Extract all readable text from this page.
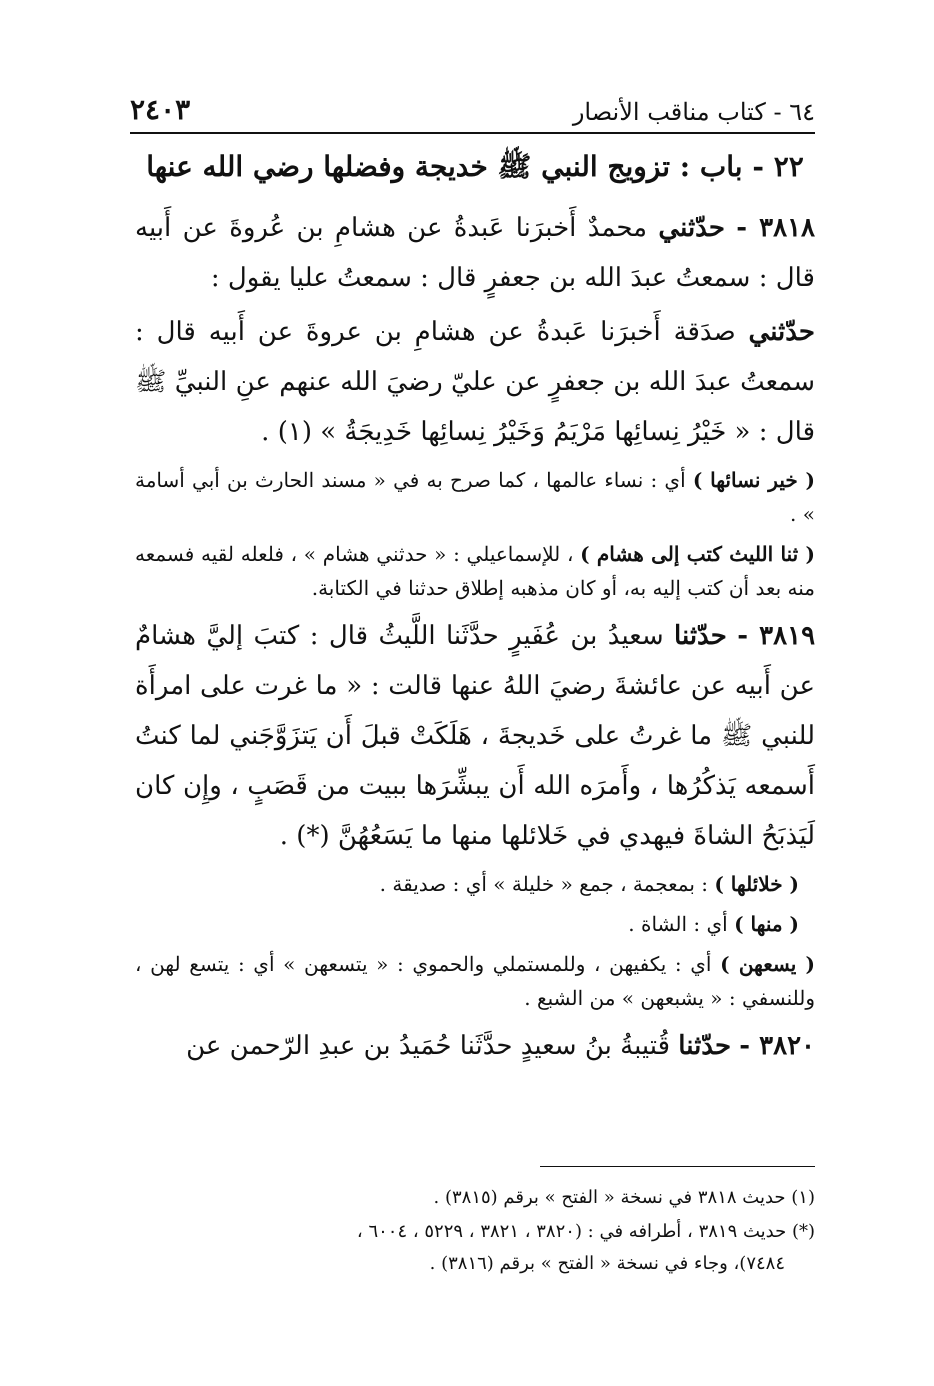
٦٤ - كتاب مناقب الأنصار
٢٤٠٣
٢٢ - باب : تزويج النبي ﷺ خديجة وفضلها رضي الله عنها

٣٨١٨ - حدّثني محمدٌ أَخبرَنا عَبدةُ عن هشامِ بن عُروةَ عن أَبيه قال : سمعتُ عبدَ الله بن جعفرٍ قال : سمعتُ عليا يقول :

حدّثني صدَقة أَخبرَنا عَبدةُ عن هشامِ بن عروةَ عن أَبيه قال : سمعتُ عبدَ الله بن جعفرٍ عن عليّ رضيَ الله عنهم عنِ النبيِّ ﷺ قال : « خَيْرُ نِسائِها مَرْيَمُ وَخَيْرُ نِسائِها خَدِيجَةُ » (١) .

( خير نسائها ) أي : نساء عالمها ، كما صرح به في « مسند الحارث بن أبي أسامة » .

( ثنا الليث كتب إلى هشام ) ، للإسماعيلي : « حدثني هشام » ، فلعله لقيه فسمعه منه بعد أن كتب إليه به، أو كان مذهبه إطلاق حدثنا في الكتابة.

٣٨١٩ - حدّثنا سعيدُ بن عُفَيرٍ حدَّثَنا اللَّيثُ قال : كتبَ إليَّ هشامٌ عن أَبيه عن عائشةَ رضيَ اللهُ عنها قالت : « ما غرت على امرأَة للنبي ﷺ ما غرتُ على خَديجةَ ، هَلَكَتْ قبلَ أَن يَتزَوَّجَني لما كنتُ أَسمعه يَذكُرُها ، وأَمرَه الله أَن يبشِّرَها ببيت من قَصَبٍ ، وإِن كان لَيَذبَحُ الشاةَ فيهدي في خَلائلها منها ما يَسَعُهُنَّ (*) .

( خلائلها ) : بمعجمة ، جمع « خليلة » أي : صديقة .

( منها ) أي : الشاة .

( يسعهن ) أي : يكفيهن ، وللمستملي والحموي : « يتسعهن » أي : يتسع لهن ، وللنسفي : « يشبعهن » من الشبع .

٣٨٢٠ - حدّثنا قُتيبةُ بنُ سعيدٍ حدَّثَنا حُمَيدُ بن عبدِ الرّحمن عن

(١) حديث ٣٨١٨ في نسخة « الفتح » برقم (٣٨١٥) .

(*) حديث ٣٨١٩ ، أطرافه في : (٣٨٢٠ ، ٣٨٢١ ، ٥٢٢٩ ، ٦٠٠٤ ،
٧٤٨٤)، وجاء في نسخة « الفتح » برقم (٣٨١٦) .
